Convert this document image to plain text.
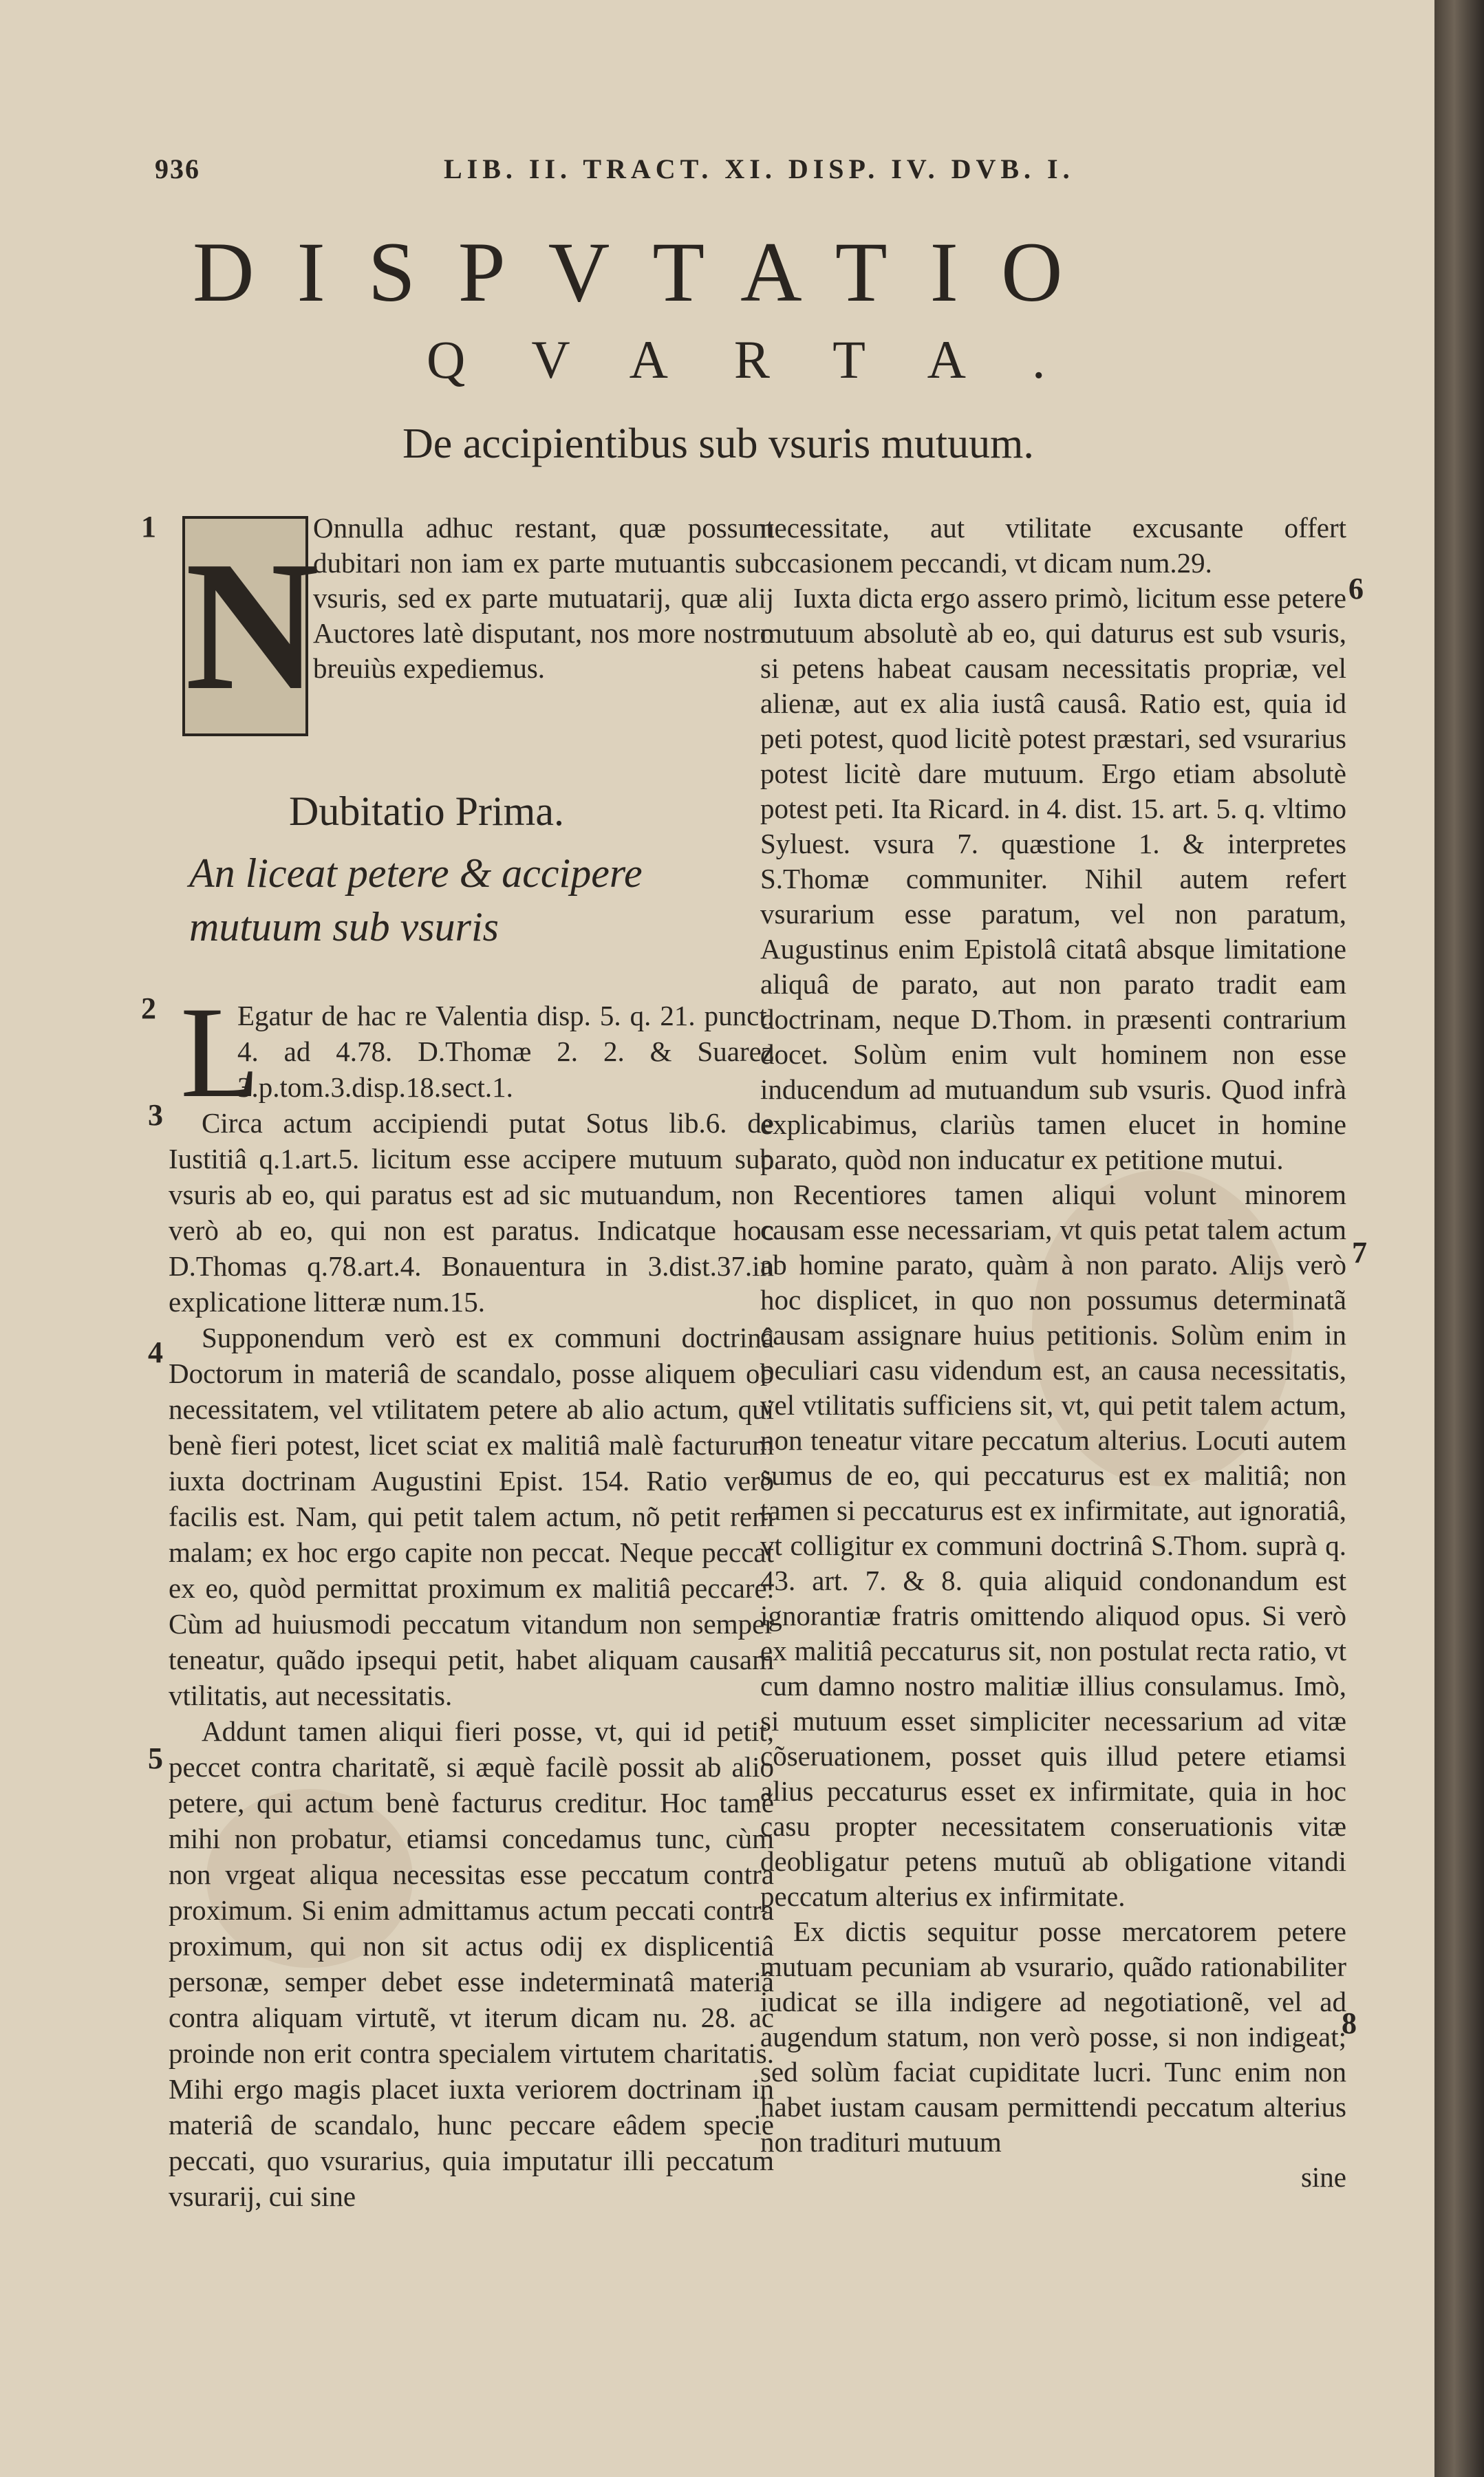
936	LIB. II. TRACT. XI. DISP. IV. DVB. I.
DISPVTATIO
QVARTA.
De accipientibus sub vsuris mutuum.
1
2
3
4
5
6
7
8
N

Onnulla adhuc restant, quæ possunt dubitari non iam ex parte mutuantis sub vsuris, sed ex parte mutuatarij, quæ alij Auctores latè disputant, nos more nostro breuiùs expediemus.

Dubitatio Prima.
An liceat petere & accipere mutuum sub vsuris
L

Egatur de hac re Valentia disp. 5. q. 21. punct. 4. ad 4.78. D.Thomæ 2. 2. & Suarez 3.p.tom.3.disp.18.sect.1.

Circa actum accipiendi putat Sotus lib.6. de Iustitiâ q.1.art.5. licitum esse accipere mutuum sub vsuris ab eo, qui paratus est ad sic mutuandum, non verò ab eo, qui non est paratus. Indicatque hoc D.Thomas q.78.art.4. Bonauentura in 3.dist.37.in explicatione litteræ num.15.

Supponendum verò est ex communi doctrinâ Doctorum in materiâ de scandalo, posse aliquem ob necessitatem, vel vtilitatem petere ab alio actum, qui benè fieri potest, licet sciat ex malitiâ malè facturum iuxta doctrinam Augustini Epist. 154. Ratio verò facilis est. Nam, qui petit talem actum, nõ petit rem malam; ex hoc ergo capite non peccat. Neque peccat ex eo, quòd permittat proximum ex malitiâ peccare. Cùm ad huiusmodi peccatum vitandum non semper teneatur, quãdo ipsequi petit, habet aliquam causam vtilitatis, aut necessitatis.

Addunt tamen aliqui fieri posse, vt, qui id petit, peccet contra charitatẽ, si æquè facilè possit ab alio petere, qui actum benè facturus creditur. Hoc tamẽ mihi non probatur, etiamsi concedamus tunc, cùm non vrgeat aliqua necessitas esse peccatum contra proximum. Si enim admittamus actum peccati contra proximum, qui non sit actus odij ex displicentiâ personæ, semper debet esse indeterminatâ materiâ contra aliquam virtutẽ, vt iterum dicam nu. 28. ac proinde non erit contra specialem virtutem charitatis. Mihi ergo magis placet iuxta veriorem doctrinam in materiâ de scandalo, hunc peccare eâdem specie peccati, quo vsurarius, quia imputatur illi peccatum vsurarij, cui sine

necessitate, aut vtilitate excusante offert occasionem peccandi, vt dicam num.29.

Iuxta dicta ergo assero primò, licitum esse petere mutuum absolutè ab eo, qui daturus est sub vsuris, si petens habeat causam necessitatis propriæ, vel alienæ, aut ex alia iustâ causâ. Ratio est, quia id peti potest, quod licitè potest præstari, sed vsurarius potest licitè dare mutuum. Ergo etiam absolutè potest peti. Ita Ricard. in 4. dist. 15. art. 5. q. vltimo Syluest. vsura 7. quæstione 1. & interpretes S.Thomæ communiter. Nihil autem refert vsurarium esse paratum, vel non paratum, Augustinus enim Epistolâ citatâ absque limitatione aliquâ de parato, aut non parato tradit eam doctrinam, neque D.Thom. in præsenti contrarium docet. Solùm enim vult hominem non esse inducendum ad mutuandum sub vsuris. Quod infrà explicabimus, clariùs tamen elucet in homine parato, quòd non inducatur ex petitione mutui.

Recentiores tamen aliqui volunt minorem causam esse necessariam, vt quis petat talem actum ab homine parato, quàm à non parato. Alijs verò hoc displicet, in quo non possumus determinatã causam assignare huius petitionis. Solùm enim in peculiari casu videndum est, an causa necessitatis, vel vtilitatis sufficiens sit, vt, qui petit talem actum, non teneatur vitare peccatum alterius. Locuti autem sumus de eo, qui peccaturus est ex malitiâ; non tamen si peccaturus est ex infirmitate, aut ignoratiâ, vt colligitur ex communi doctrinâ S.Thom. suprà q. 43. art. 7. & 8. quia aliquid condonandum est ignorantiæ fratris omittendo aliquod opus. Si verò ex malitiâ peccaturus sit, non postulat recta ratio, vt cum damno nostro malitiæ illius consulamus. Imò, si mutuum esset simpliciter necessarium ad vitæ cõseruationem, posset quis illud petere etiamsi alius peccaturus esset ex infirmitate, quia in hoc casu propter necessitatem conseruationis vitæ deobligatur petens mutuũ ab obligatione vitandi peccatum alterius ex infirmitate.

Ex dictis sequitur posse mercatorem petere mutuam pecuniam ab vsurario, quãdo rationabiliter iudicat se illa indigere ad negotiationẽ, vel ad augendum statum, non verò posse, si non indigeat; sed solùm faciat cupiditate lucri. Tunc enim non habet iustam causam permittendi peccatum alterius non tradituri mutuum

sine
